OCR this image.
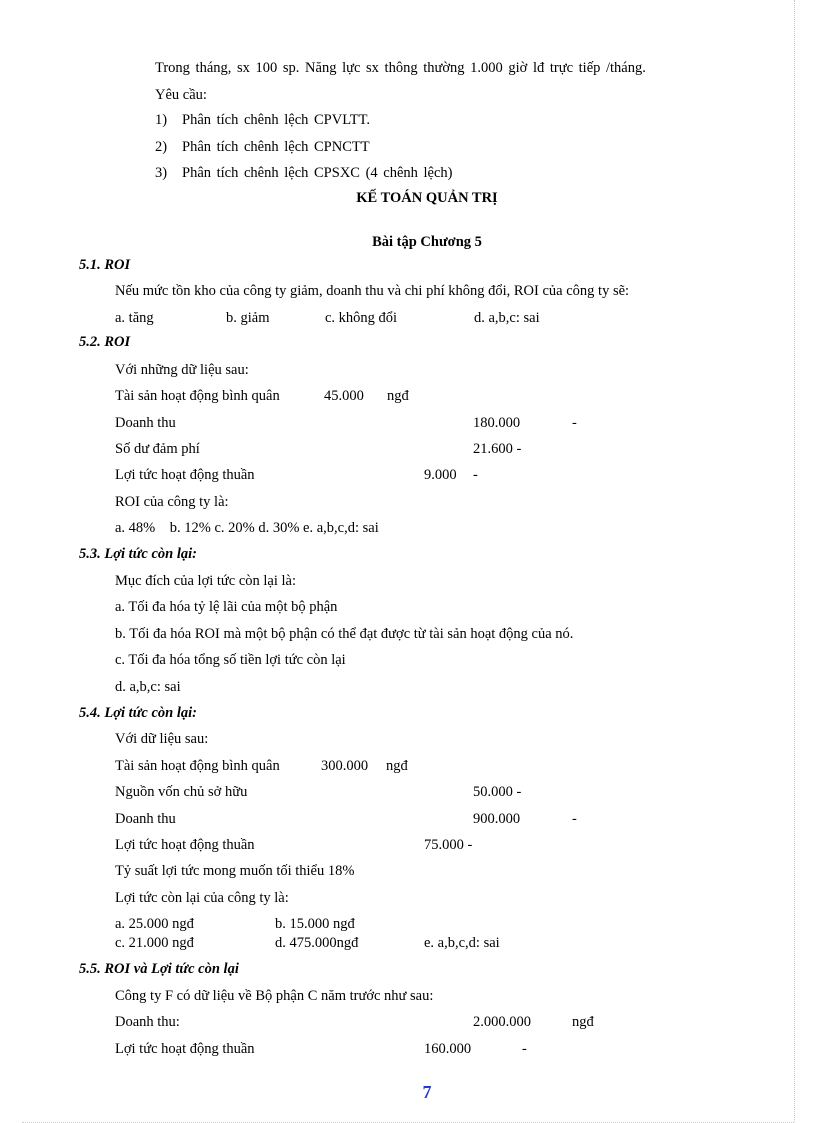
Trong tháng, sx 100 sp. Năng lực sx thông thường 1.000 giờ lđ trực tiếp /tháng.
Yêu cầu:
1) Phân tích chênh lệch CPVLTT.
2) Phân tích chênh lệch CPNCTT
3) Phân tích chênh lệch CPSXC (4 chênh lệch)
KẾ TOÁN QUẢN TRỊ
Bài tập Chương 5
5.1. ROI
Nếu mức tồn kho của công ty giảm, doanh thu và chi phí không đổi, ROI của công ty sẽ:
a. tăng	b. giảm	c. không đổi	d. a,b,c: sai
5.2. ROI
Với những dữ liệu sau:
Tài sản hoạt động bình quân	45.000 ngđ
Doanh thu	180.000	-
Số dư đảm phí	21.600 -
Lợi tức hoạt động thuần	9.000 -
ROI của công ty là:
a. 48%    b. 12% c. 20% d. 30% e. a,b,c,d: sai
5.3. Lợi tức còn lại:
Mục đích của lợi tức còn lại là:
a. Tối đa hóa tỷ lệ lãi của một bộ phận
b. Tối đa hóa ROI mà một bộ phận có thể đạt được từ tài sản hoạt động của nó.
c. Tối đa hóa tổng số tiền lợi tức còn lại
d. a,b,c: sai
5.4. Lợi tức còn lại:
Với dữ liệu sau:
Tài sản hoạt động bình quân	300.000 ngđ
Nguồn vốn chủ sở hữu	50.000 -
Doanh thu	900.000	-
Lợi tức hoạt động thuần	75.000 -
Tỷ suất lợi tức mong muốn tối thiểu 18%
Lợi tức còn lại của công ty là:
a. 25.000 ngđ	b. 15.000 ngđ
c. 21.000 ngđ	d. 475.000ngđ	e. a,b,c,d: sai
5.5. ROI và Lợi tức còn lại
Công ty F có dữ liệu về Bộ phận C năm trước như sau:
Doanh thu:	2.000.000	ngđ
Lợi tức hoạt động thuần	160.000	-
7
